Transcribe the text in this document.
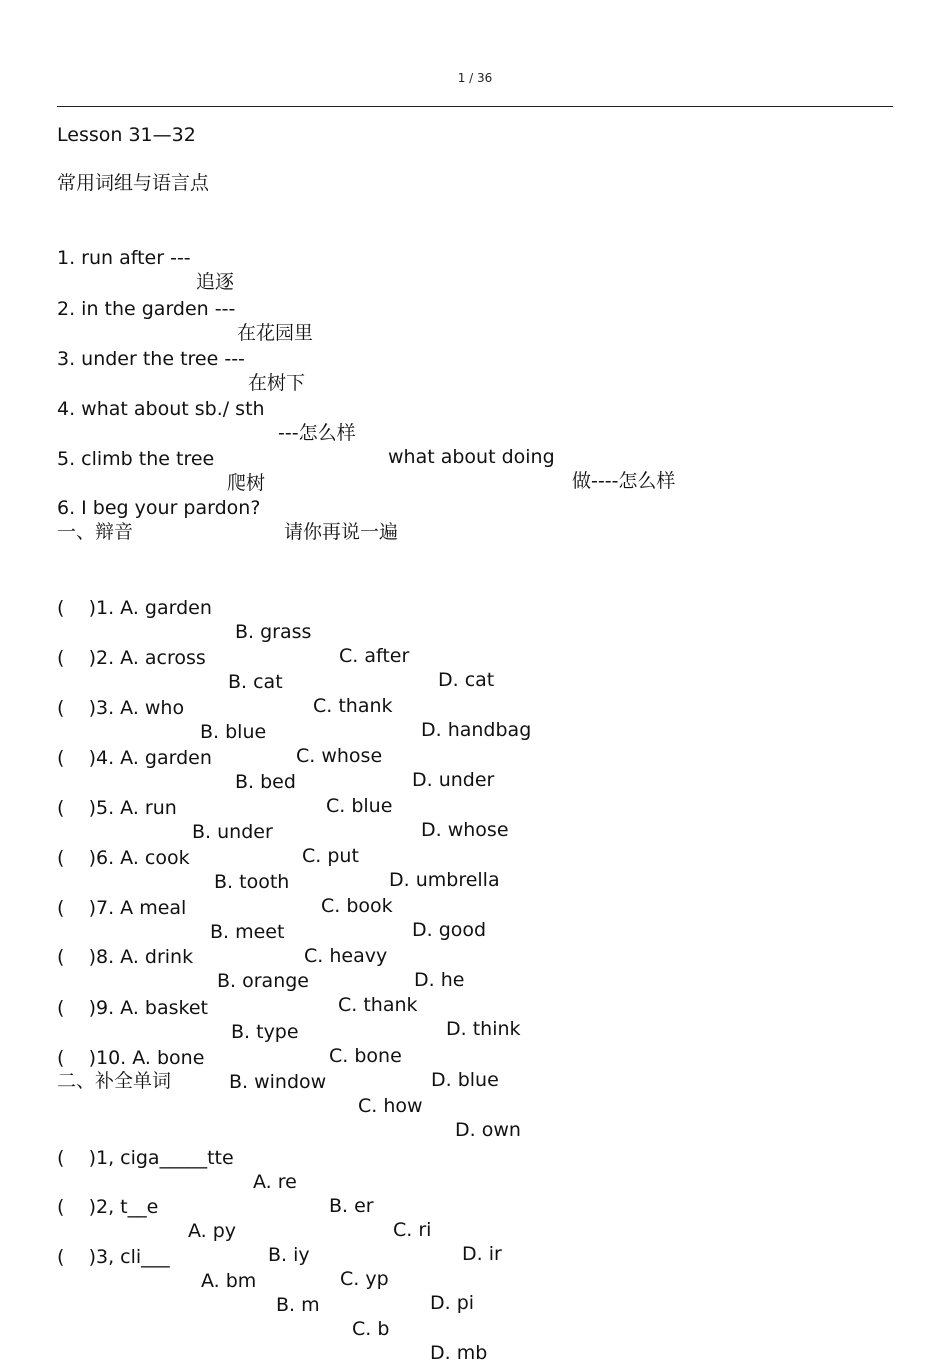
1 / 36
Lesson 31—32
常用词组与语言点

1. run after ---

追逐

2. in the garden ---

在花园里

3. under the tree ---

在树下

4. what about sb./ sth

---怎么样

what about doing

做----怎么样

5. climb the tree

爬树

6. I beg your pardon?

请你再说一遍

一、辩音

(    )1. A. garden

B. grass

C. after

D. cat

(    )2. A. across

B. cat

C. thank

D. handbag

(    )3. A. who

B. blue

C. whose

D. under

(    )4. A. garden

B. bed

C. blue

D. whose

(    )5. A. run

B. under

C. put

D. umbrella

(    )6. A. cook

B. tooth

C. book

D. good

(    )7. A meal

B. meet

C. heavy

D. he

(    )8. A. drink

B. orange

C. thank

D. think

(    )9. A. basket

B. type

C. bone

D. blue

(    )10. A. bone

B. window

C. how

D. own

二、补全单词

(    )1, ciga_____tte

A. re

B. er

C. ri

D. ir

(    )2, t__e

A. py

B. iy

C. yp

D. pi

(    )3, cli___

A. bm

B. m

C. b

D. mb
